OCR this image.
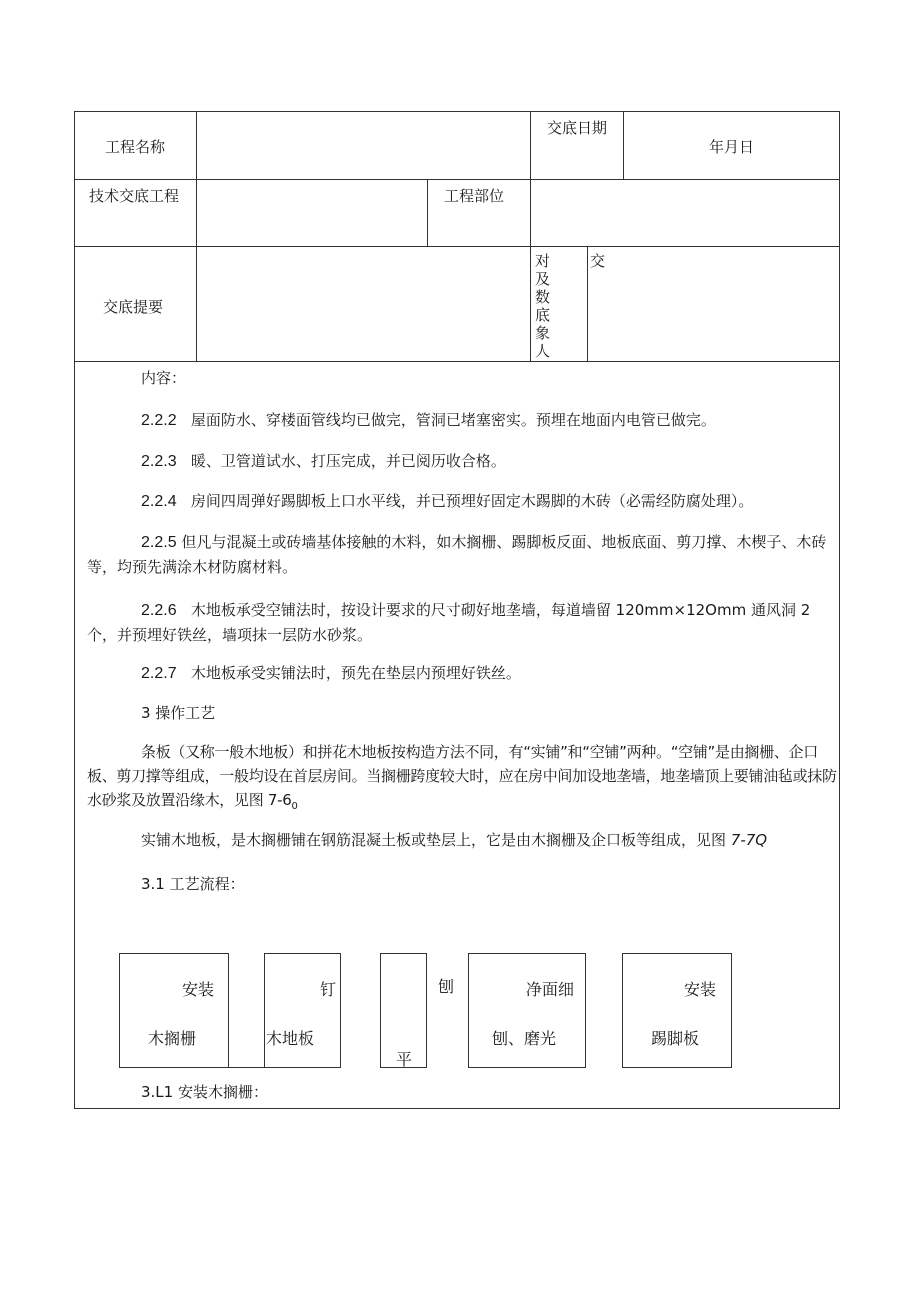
工程名称
交底日期
年月日
技术交底工程	工程部位
交底提要
对及数底象人
交
内容：
2.2.2 屋面防水、穿楼面管线均已做完，管洞已堵塞密实。预埋在地面内电管已做完。
2.2.3 暖、卫管道试水、打压完成，并已阅历收合格。
2.2.4 房间四周弹好踢脚板上口水平线，并已预埋好固定木踢脚的木砖（必需经防腐处理）。
2.2.5 但凡与混凝土或砖墙基体接触的木料，如木搁栅、踢脚板反面、地板底面、剪刀撑、木楔子、木砖等，均预先满涂木材防腐材料。
2.2.6 木地板承受空铺法时，按设计要求的尺寸砌好地垄墙，每道墙留 120mm×12Omm 通风洞 2 个，并预埋好铁丝，墙项抹一层防水砂浆。
2.2.7 木地板承受实铺法时，预先在垫层内预埋好铁丝。
3 操作工艺
条板（又称一般木地板）和拼花木地板按构造方法不同，有“实铺”和“空铺”两种。“空铺”是由搁栅、企口板、剪刀撑等组成，一般均设在首层房间。当搁栅跨度较大时，应在房中间加设地垄墙，地垄墙顶上要铺油毡或抹防水砂浆及放置沿缘木，见图 $7-6_0$
实铺木地板，是木搁栅铺在钢筋混凝土板或垫层上，它是由木搁栅及企口板等组成，见图 7-7Q
3.1 工艺流程：
安装
木搁栅
钉
木地板
平
刨	净面细
刨、磨光
安装
踢脚板
3.L1 安装木搁栅：
